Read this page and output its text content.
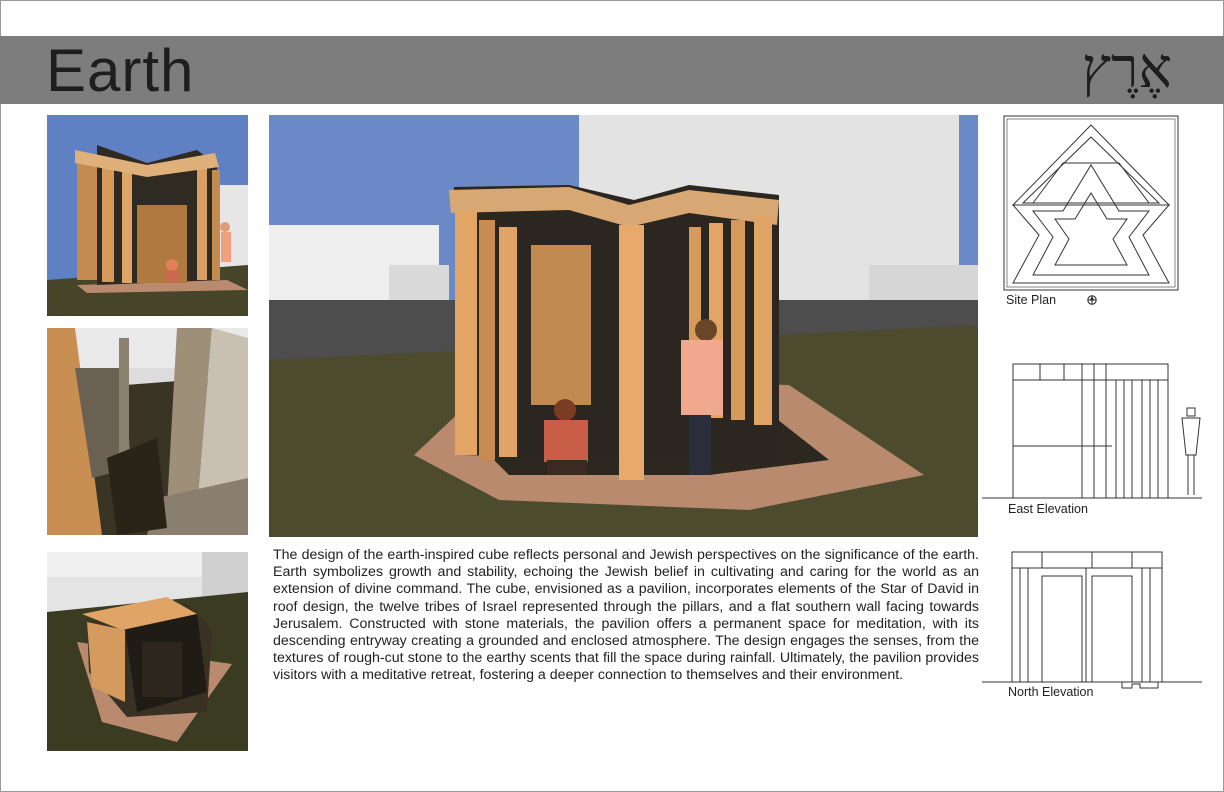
Earth	אֶרֶץ

The design of the earth-inspired cube reflects personal and Jewish perspectives on the significance of the earth. Earth symbolizes growth and stability, echoing the Jewish belief in cultivating and caring for the world as an extension of divine command. The cube, envisioned as a pavilion, incorporates elements of the Star of David in roof design, the twelve tribes of Israel represented through the pillars, and a flat southern wall facing towards Jerusalem. Constructed with stone materials, the pavilion offers a permanent space for meditation, with its descending entryway creating a grounded and enclosed atmosphere. The design engages the senses, from the textures of rough-cut stone to the earthy scents that fill the space during rainfall. Ultimately, the pavilion provides visitors with a meditative retreat, fostering a deeper connection to themselves and their environment.

Site Plan
East Elevation
North Elevation
